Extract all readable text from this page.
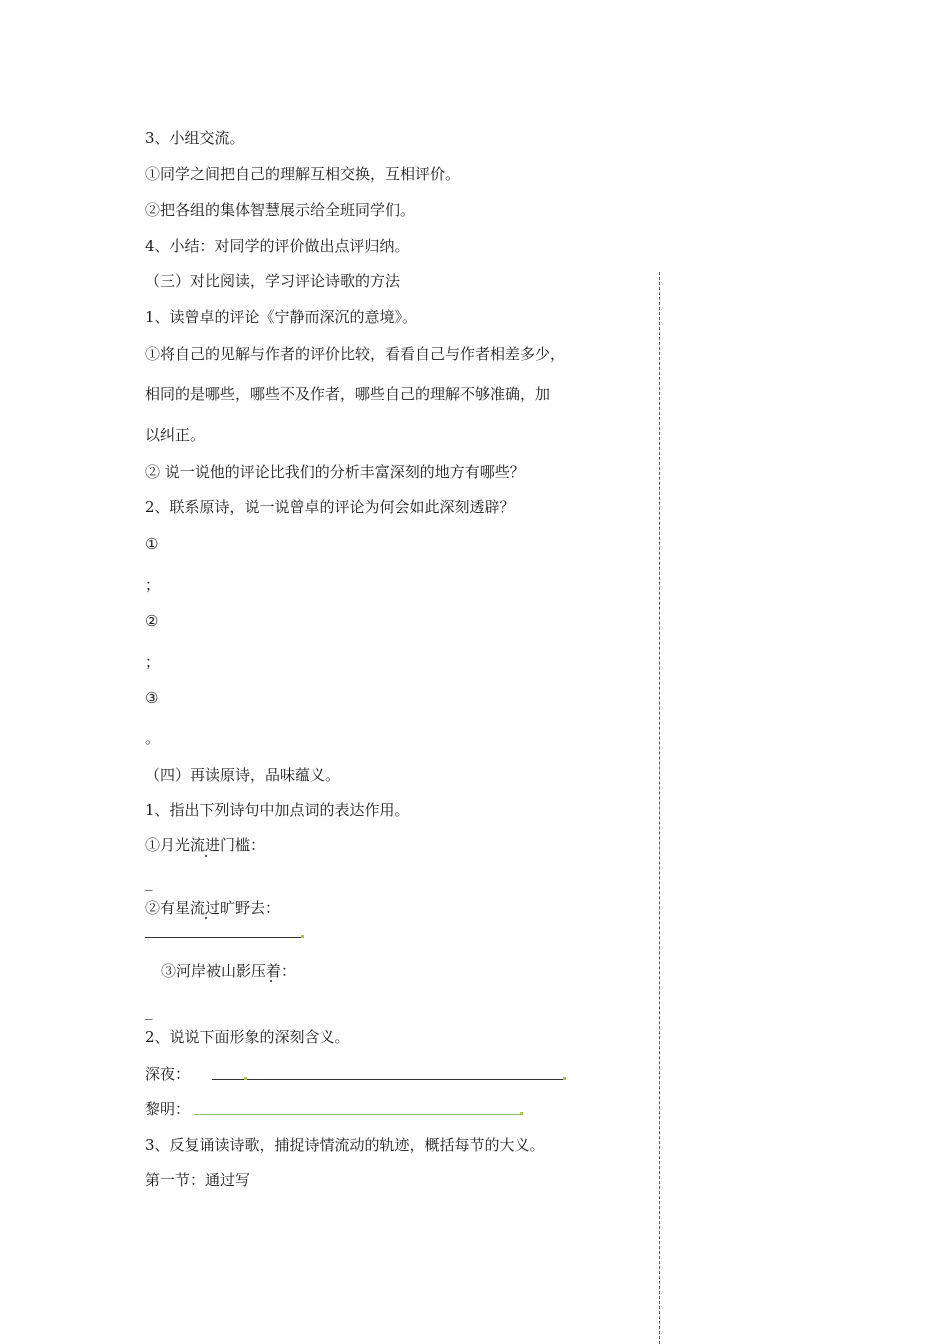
3、小组交流。
①同学之间把自己的理解互相交换，互相评价。
②把各组的集体智慧展示给全班同学们。
4、小结：对同学的评价做出点评归纳。
（三）对比阅读，学习评论诗歌的方法
1、读曾卓的评论《宁静而深沉的意境》。
①将自己的见解与作者的评价比较，看看自己与作者相差多少，
相同的是哪些，哪些不及作者，哪些自己的理解不够准确，加
以纠正。
② 说一说他的评论比我们的分析丰富深刻的地方有哪些？
2、联系原诗，说一说曾卓的评论为何会如此深刻透辟？
①
；
②
；
③
。
（四）再读原诗，品味蕴义。
1、指出下列诗句中加点词的表达作用。
①月光流进门槛：
_
②有星流过旷野去：
③河岸被山影压着：
_
2、说说下面形象的深刻含义。
深夜：
黎明：
3、反复诵读诗歌，捕捉诗情流动的轨迹，概括每节的大义。
第一节：通过写
